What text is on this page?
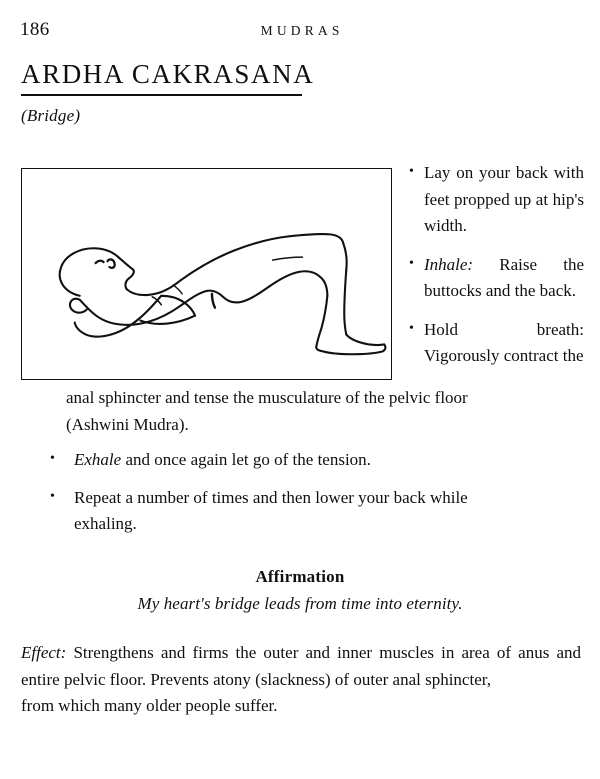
186	MUDRAS
ARDHA CAKRASANA
(Bridge)
• Lay on your back with feet propped up at hip's width.
• Inhale: Raise the buttocks and the back.
• Hold breath: Vigorously contract the

anal sphincter and tense the musculature of the pelvic floor
(Ashwini Mudra).

• Exhale and once again let go of the tension.
• Repeat a number of times and then lower your back while
exhaling.
Affirmation
My heart's bridge leads from time into eternity.

Effect: Strengthens and firms the outer and inner muscles in area of anus and entire pelvic floor. Prevents atony (slackness) of outer anal sphincter,
from which many older people suffer.
